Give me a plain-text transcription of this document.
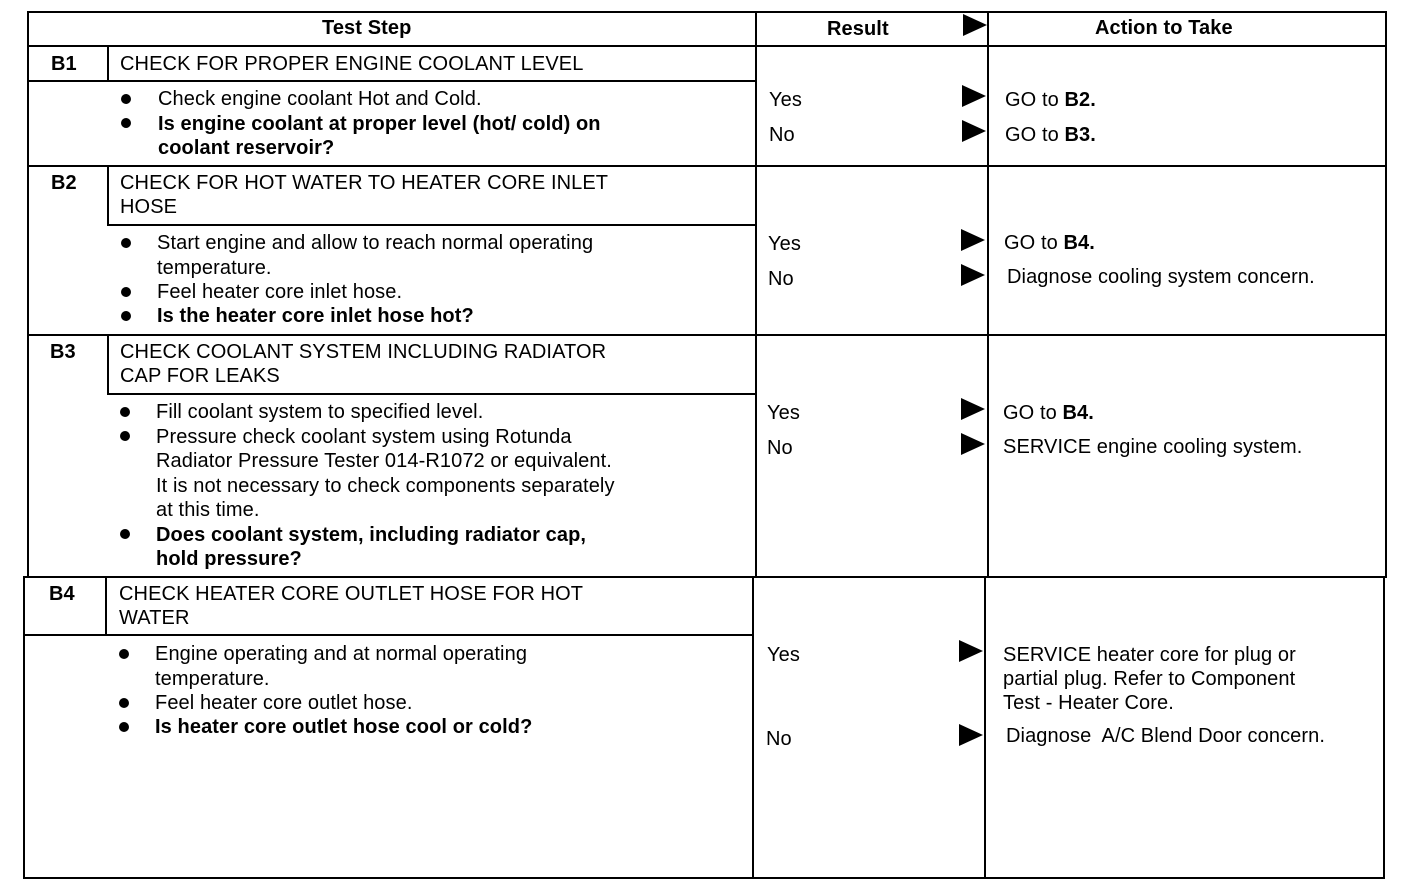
Test Step	Result	Action to Take
B1 CHECK FOR PROPER ENGINE COOLANT LEVEL
Check engine coolant Hot and Cold.
Is engine coolant at proper level (hot/ cold) on
coolant reservoir?
Yes	GO to B2.
No	GO to B3.
B2 CHECK FOR HOT WATER TO HEATER CORE INLET
HOSE
Start engine and allow to reach normal operating
temperature.
Feel heater core inlet hose.
Is the heater core inlet hose hot?
Yes	GO to B4.
No	Diagnose cooling system concern.
B3 CHECK COOLANT SYSTEM INCLUDING RADIATOR
CAP FOR LEAKS
Fill coolant system to specified level.
Pressure check coolant system using Rotunda
Radiator Pressure Tester 014-R1072 or equivalent.
It is not necessary to check components separately
at this time.
Does coolant system, including radiator cap,
hold pressure?
Yes	GO to B4.
No	SERVICE engine cooling system.
B4 CHECK HEATER CORE OUTLET HOSE FOR HOT
WATER
Engine operating and at normal operating
temperature.
Feel heater core outlet hose.
Is heater core outlet hose cool or cold?
Yes	SERVICE heater core for plug or
partial plug. Refer to Component
Test - Heater Core.
No	Diagnose  A/C Blend Door concern.
